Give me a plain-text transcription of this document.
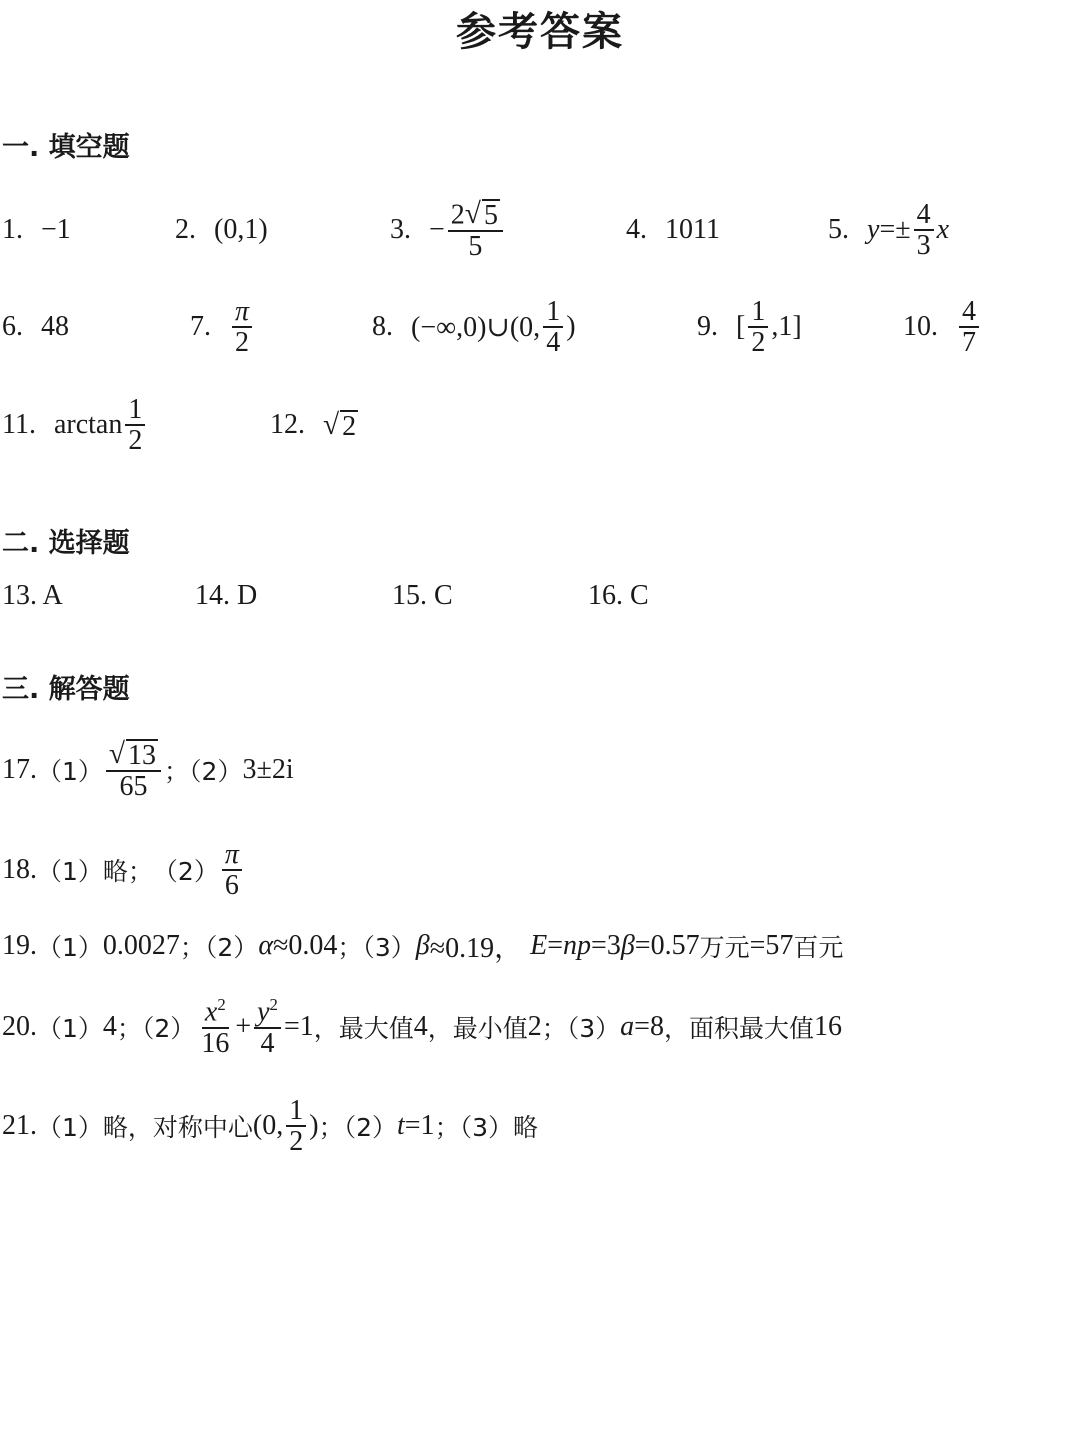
参考答案
一. 填空题
1. −1	2. (0,1)	3. − $\frac{2 √ 5}{5}$	4. 1011	5. $y =\pm \frac{4}{3}$ x
6. 48	7. $\frac{\pi}{2}$	8. (−∞,0)∪(0, $\frac{1}{4}$ )	9. [ $\frac{1}{2} ,1$]	10. $\frac{4}{7}$
11. $\arctan \frac{1}{2}$	12. √ 2
二. 选择题
13. A	14. D	15. C	16. C
三. 解答题
17. $(1) \frac{√ 13}{65}$ ；（2） 3±2i
18. （1） 略； $(2) \frac{\pi}{6}$
19. （1） 0.0027 ；（2） α ≈0.04 ；（3） β ≈0.19， E = np =3 β =0.57 万元 =57 百元
20. （1） 4 ；$(2) \frac{x^2}{16} + \frac{y^2}{4} =1$ ，最大值 4 ，最小值 2 ；（3） a =8 ，面积最大值 16
21. （1） 略，对称中心 (0, $\frac{1}{2}$ ) ；（2） t =1 ；（3） 略
